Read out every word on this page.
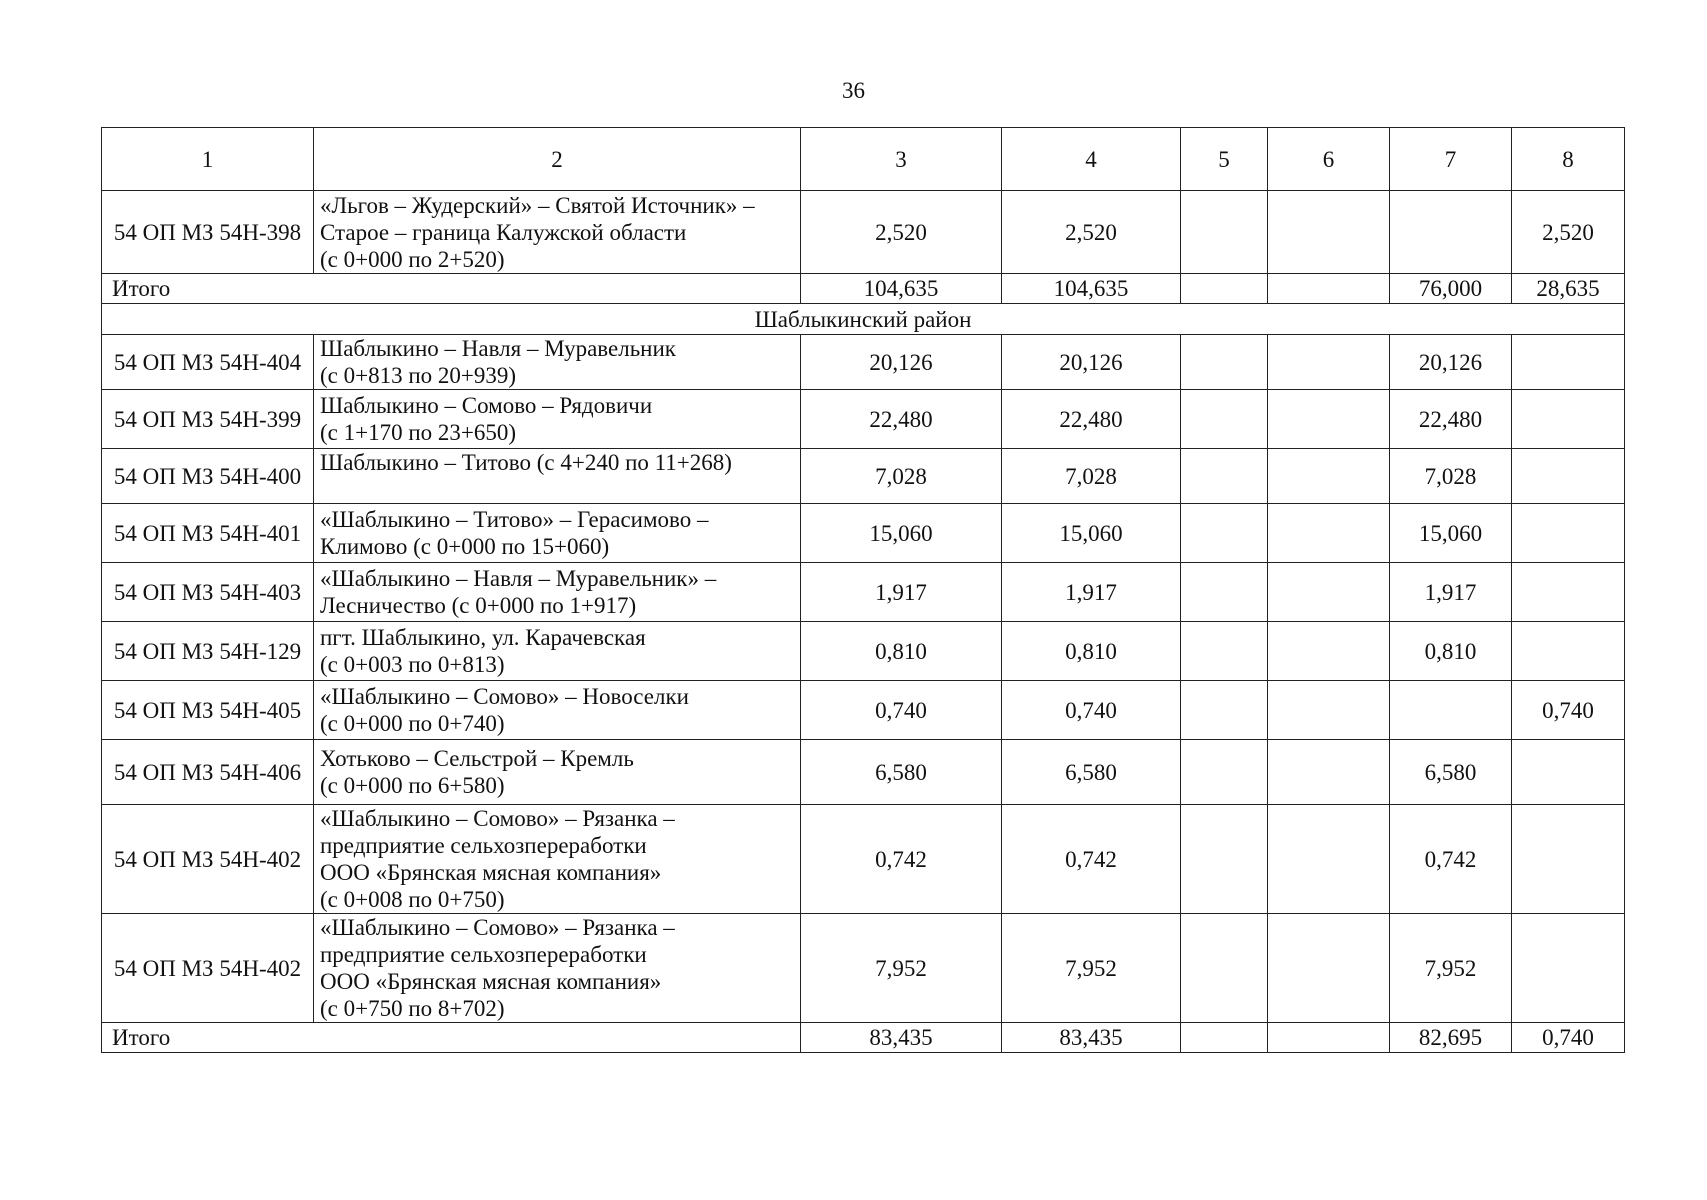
36
1	2	3	4	5	6	7	8
54 ОП МЗ 54Н-398	«Льгов – Жудерский» – Святой Источник» –
Старое – граница Калужской области
(с 0+000 по 2+520)	2,520	2,520				2,520
Итого		104,635	104,635			76,000	28,635
Шаблыкинский район							
54 ОП МЗ 54Н-404	Шаблыкино – Навля – Муравельник
(с 0+813 по 20+939)	20,126	20,126			20,126	
54 ОП МЗ 54Н-399	Шаблыкино – Сомово – Рядовичи
(с 1+170 по 23+650)	22,480	22,480			22,480	
54 ОП МЗ 54Н-400	Шаблыкино – Титово (с 4+240 по 11+268)	7,028	7,028			7,028	
54 ОП МЗ 54Н-401	«Шаблыкино – Титово» – Герасимово –
Климово (с 0+000 по 15+060)	15,060	15,060			15,060	
54 ОП МЗ 54Н-403	«Шаблыкино – Навля – Муравельник» –
Лесничество (с 0+000 по 1+917)	1,917	1,917			1,917	
54 ОП МЗ 54Н-129	пгт. Шаблыкино, ул. Карачевская
(с 0+003 по 0+813)	0,810	0,810			0,810	
54 ОП МЗ 54Н-405	«Шаблыкино – Сомово» – Новоселки
(с 0+000 по 0+740)	0,740	0,740				0,740
54 ОП МЗ 54Н-406	Хотьково – Сельстрой – Кремль
(с 0+000 по 6+580)	6,580	6,580			6,580	
54 ОП МЗ 54Н-402	«Шаблыкино – Сомово» – Рязанка –
предприятие сельхозпереработки
ООО «Брянская мясная компания»
(с 0+008 по 0+750)	0,742	0,742			0,742	
54 ОП МЗ 54Н-402	«Шаблыкино – Сомово» – Рязанка –
предприятие сельхозпереработки
ООО «Брянская мясная компания»
(с 0+750 по 8+702)	7,952	7,952			7,952	
Итого		83,435	83,435			82,695	0,740
